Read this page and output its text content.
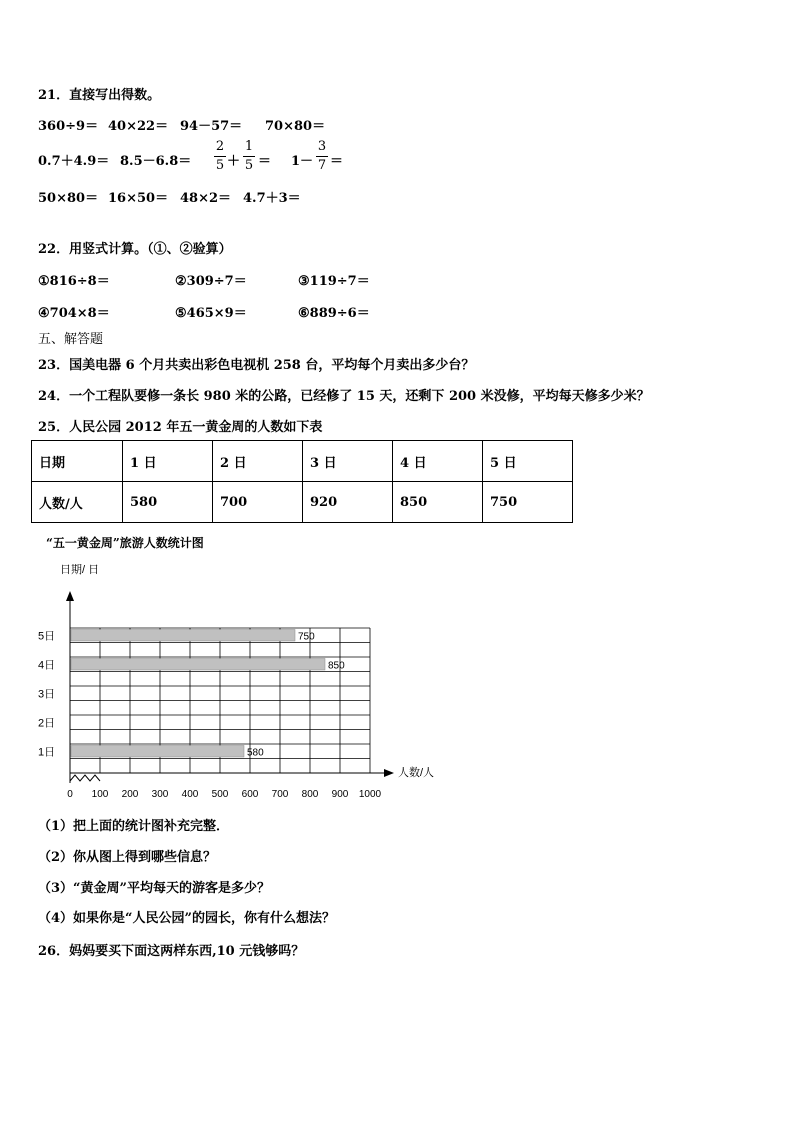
21．直接写出得数。
360÷9＝ 40×22＝ 94－57＝ 70×80＝
0.7＋4.9＝ 8.5－6.8＝
2
5 ＋
1
5 ＝ 1－
3
7 ＝
50×80＝ 16×50＝ 48×2＝ 4.7＋3＝
22．用竖式计算。（①、②验算）
①816÷8＝	②309÷7＝	③119÷7＝
④704×8＝	⑤465×9＝	⑥889÷6＝
五、解答题
23．国美电器 6 个月共卖出彩色电视机 258 台，平均每个月卖出多少台？
24．一个工程队要修一条长 980 米的公路，已经修了 15 天，还剩下 200 米没修，平均每天修多少米？
25．人民公园 2012 年五一黄金周的人数如下表
日期	1 日	2 日	3 日	4 日	5 日
人数/人	580	700	920	850	750
“五一黄金周”旅游人数统计图
1日	580
2日
3日
4日	850
5日	750
日期/ 日
人数/人
0 100 200 300 400 500 600 700 800 900 1000
（1）把上面的统计图补充完整．
（2）你从图上得到哪些信息？
（3）“黄金周”平均每天的游客是多少？
（4）如果你是“人民公园”的园长，你有什么想法？
26．妈妈要买下面这两样东西,10 元钱够吗？
